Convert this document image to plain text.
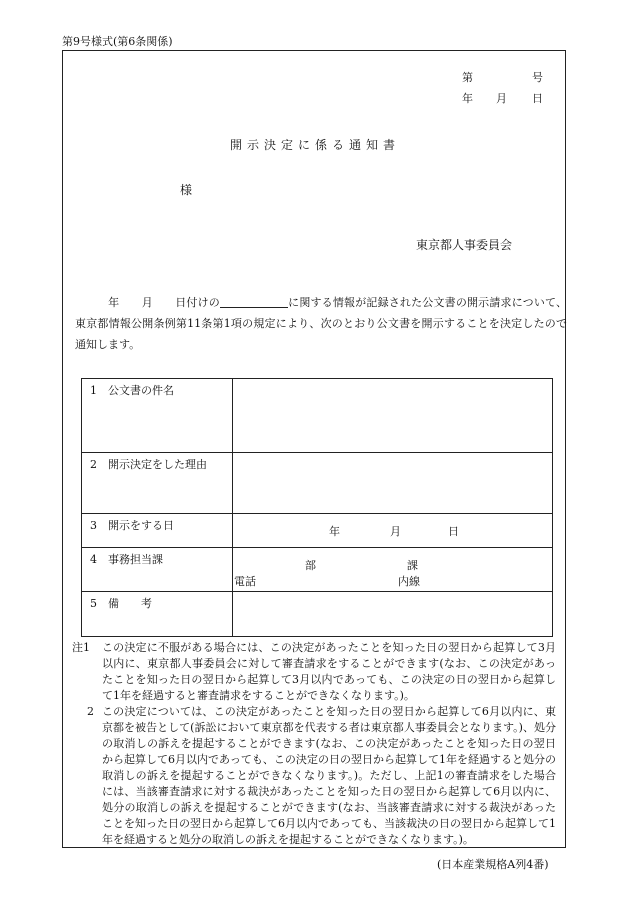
第9号様式(第6条関係)
第	号
年 月 日
開示決定に係る通知書
様
東京都人事委員会
   年　　月　　日付けの	に関する情報が記録された公文書の開示請求について、東京都情報公開条例第11条第1項の規定により、次のとおり公文書を開示することを決定したので通知します。
1　公文書の件名	
2　開示決定をした理由	
3　開示をする日	年 月 日

4　事務担当課	部 課
電話 内線

5　備　　考	
注1 この決定に不服がある場合には、この決定があったことを知った日の翌日から起算して3月以内に、東京都人事委員会に対して審査請求をすることができます(なお、この決定があったことを知った日の翌日から起算して3月以内であっても、この決定の日の翌日から起算して1年を経過すると審査請求をすることができなくなります。)。
2 この決定については、この決定があったことを知った日の翌日から起算して6月以内に、東京都を被告として(訴訟において東京都を代表する者は東京都人事委員会となります。)、処分の取消しの訴えを提起することができます(なお、この決定があったことを知った日の翌日から起算して6月以内であっても、この決定の日の翌日から起算して1年を経過すると処分の取消しの訴えを提起することができなくなります。)。ただし、上記1の審査請求をした場合には、当該審査請求に対する裁決があったことを知った日の翌日から起算して6月以内に、処分の取消しの訴えを提起することができます(なお、当該審査請求に対する裁決があったことを知った日の翌日から起算して6月以内であっても、当該裁決の日の翌日から起算して1年を経過すると処分の取消しの訴えを提起することができなくなります。)。
(日本産業規格A列4番)
